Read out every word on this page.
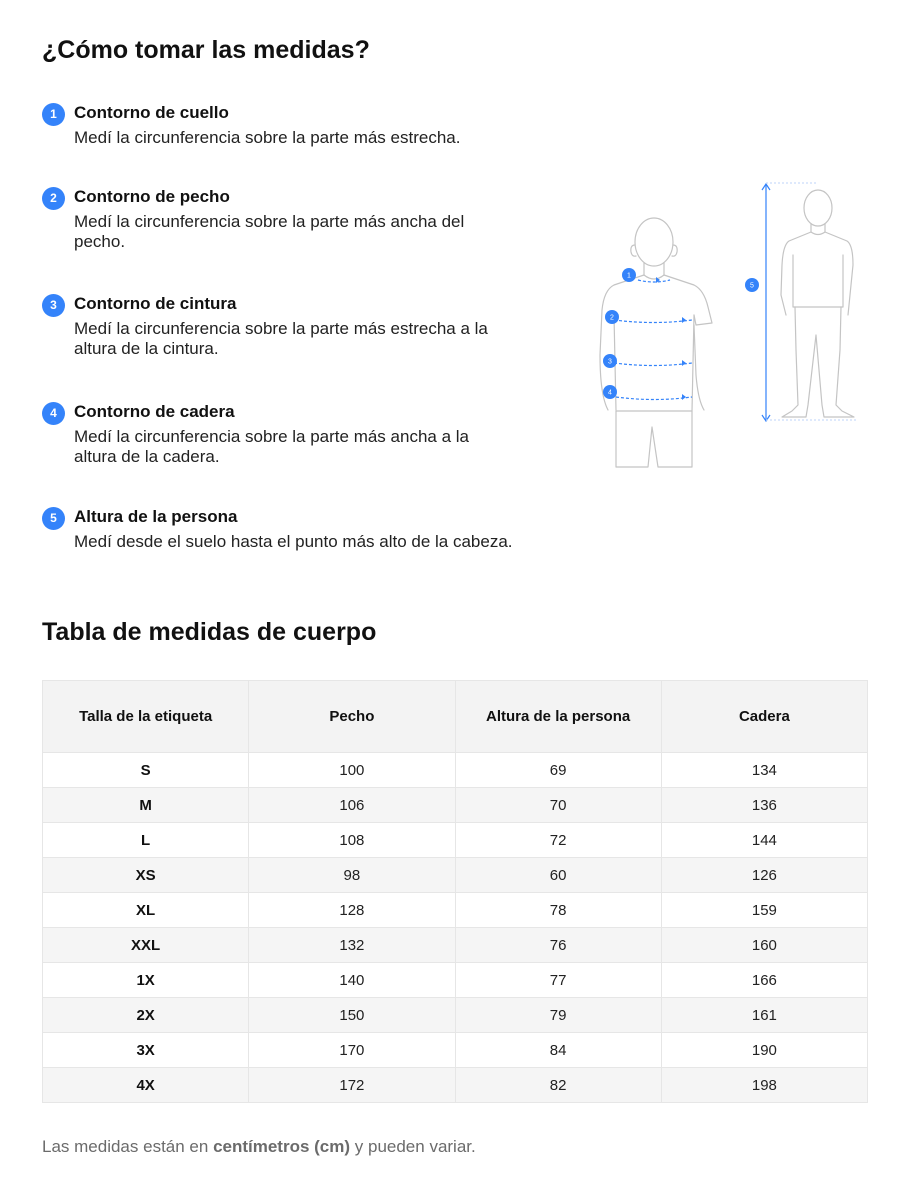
¿Cómo tomar las medidas?
1	Contorno de cuello
Medí la circunferencia sobre la parte más estrecha.
2	Contorno de pecho
Medí la circunferencia sobre la parte más ancha del pecho.
3	Contorno de cintura
Medí la circunferencia sobre la parte más estrecha a la altura de la cintura.
4	Contorno de cadera
Medí la circunferencia sobre la parte más ancha a la altura de la cadera.
5	Altura de la persona
Medí desde el suelo hasta el punto más alto de la cabeza.
1
2
3
4
5
Tabla de medidas de cuerpo
Talla de la etiqueta	Pecho	Altura de la persona	Cadera
S	100	69	134
M	106	70	136
L	108	72	144
XS	98	60	126
XL	128	78	159
XXL	132	76	160
1X	140	77	166
2X	150	79	161
3X	170	84	190
4X	172	82	198

Las medidas están en centímetros (cm) y pueden variar.
